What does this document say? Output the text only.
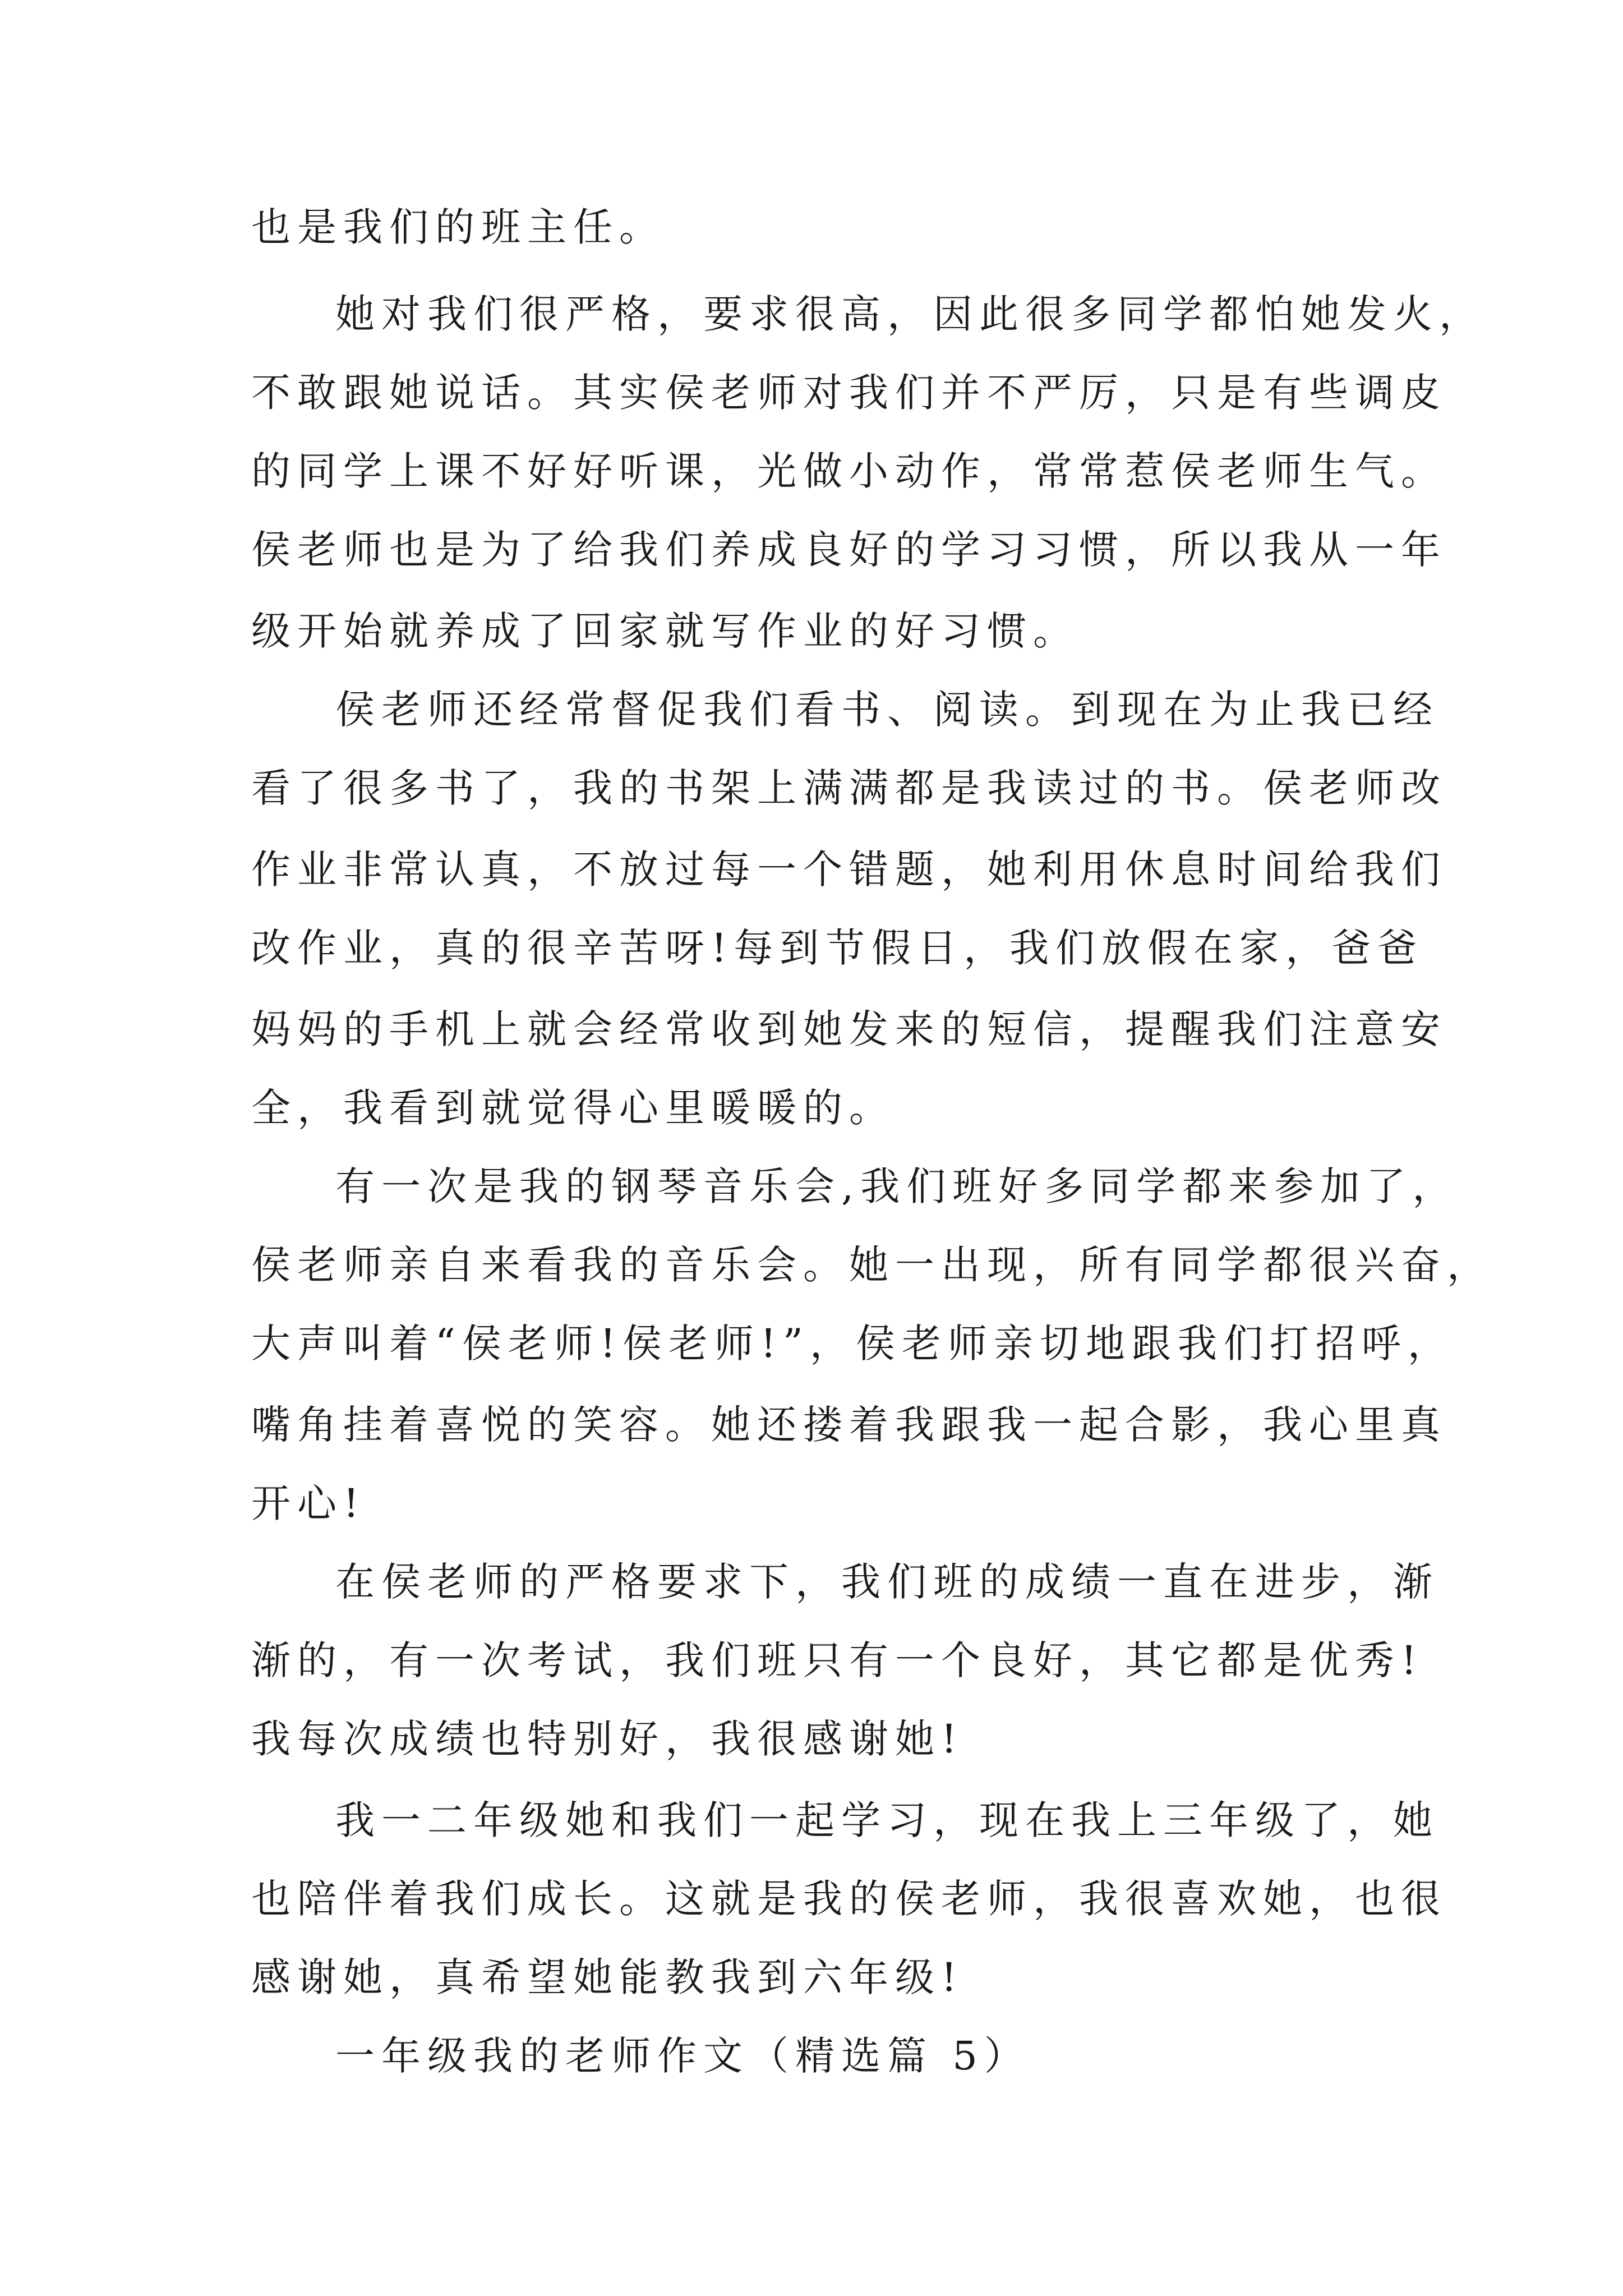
也是我们的班主任。
她对我们很严格，要求很高，因此很多同学都怕她发火，
不敢跟她说话。其实侯老师对我们并不严厉，只是有些调皮
的同学上课不好好听课，光做小动作，常常惹侯老师生气。
侯老师也是为了给我们养成良好的学习习惯，所以我从一年
级开始就养成了回家就写作业的好习惯。
侯老师还经常督促我们看书、阅读。到现在为止我已经
看了很多书了，我的书架上满满都是我读过的书。侯老师改
作业非常认真，不放过每一个错题，她利用休息时间给我们
改作业，真的很辛苦呀!每到节假日，我们放假在家，爸爸
妈妈的手机上就会经常收到她发来的短信，提醒我们注意安
全，我看到就觉得心里暖暖的。
有一次是我的钢琴音乐会,我们班好多同学都来参加了，
侯老师亲自来看我的音乐会。她一出现，所有同学都很兴奋，
大声叫着“侯老师!侯老师!”，侯老师亲切地跟我们打招呼，
嘴角挂着喜悦的笑容。她还搂着我跟我一起合影，我心里真
开心!
在侯老师的严格要求下，我们班的成绩一直在进步，渐
渐的，有一次考试，我们班只有一个良好，其它都是优秀!
我每次成绩也特别好，我很感谢她!
我一二年级她和我们一起学习，现在我上三年级了，她
也陪伴着我们成长。这就是我的侯老师，我很喜欢她，也很
感谢她，真希望她能教我到六年级!
一年级我的老师作文（精选篇 5）
